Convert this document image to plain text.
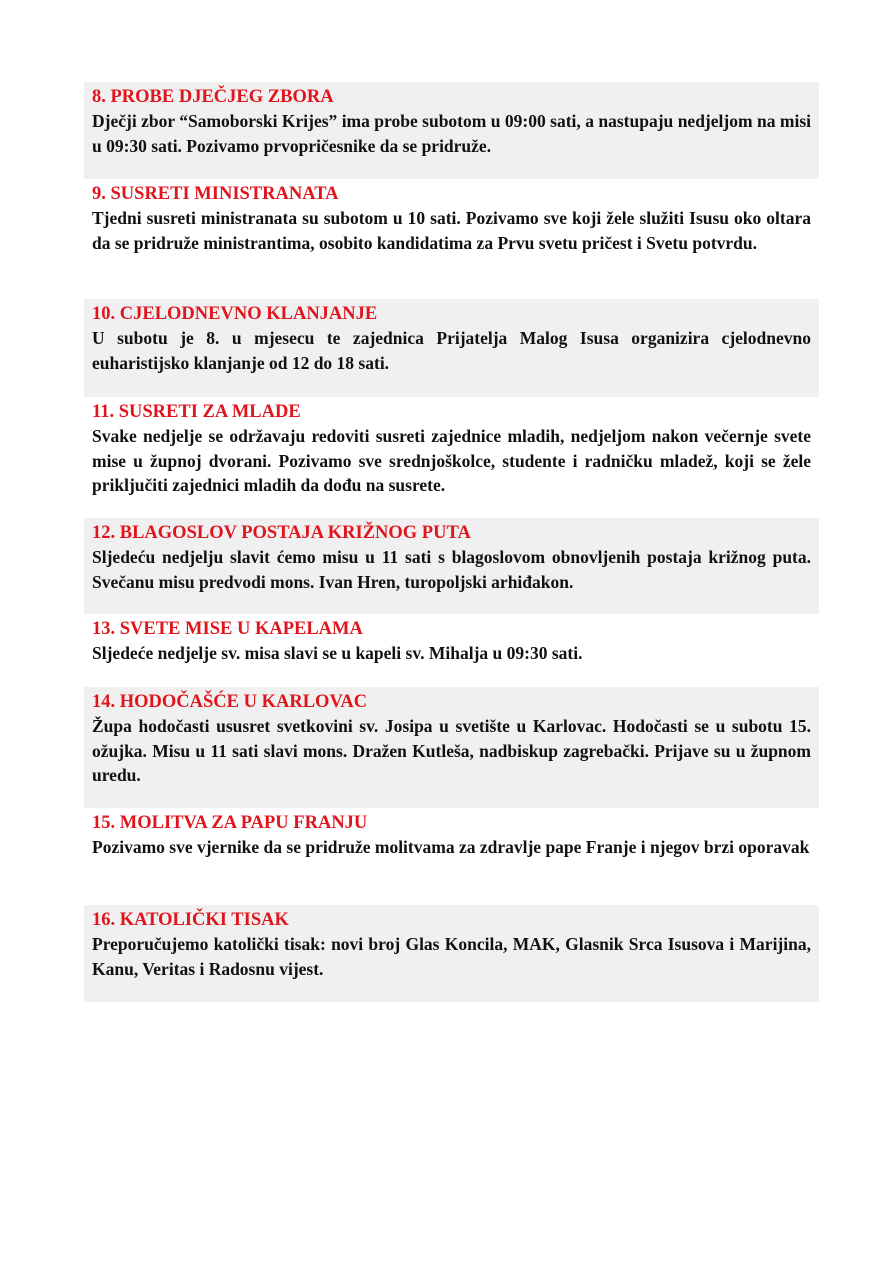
8. PROBE DJEČJEG ZBORA

Dječji zbor “Samoborski Krijes” ima probe subotom u 09:00 sati, a nastupaju nedjeljom na misi u 09:30 sati. Pozivamo prvopričesnike da se pridruže.

9. SUSRETI MINISTRANATA

Tjedni susreti ministranata su subotom u 10 sati. Pozivamo sve koji žele služiti Isusu oko oltara da se pridruže ministrantima, osobito kandidatima za Prvu svetu pričest i Svetu potvrdu.

10. CJELODNEVNO KLANJANJE

U subotu je 8. u mjesecu te zajednica Prijatelja Malog Isusa organizira cjelodnevno euharistijsko klanjanje od 12 do 18 sati.

11. SUSRETI ZA MLADE

Svake nedjelje se održavaju redoviti susreti zajednice mladih, nedjeljom nakon večernje svete mise u župnoj dvorani. Pozivamo sve srednjoškolce, studente i radničku mladež, koji se žele priključiti zajednici mladih da dođu na susrete.

12. BLAGOSLOV POSTAJA KRIŽNOG PUTA

Sljedeću nedjelju slavit ćemo misu u 11 sati s blagoslovom obnovljenih postaja križnog puta. Svečanu misu predvodi mons. Ivan Hren, turopoljski arhiđakon.

13. SVETE MISE U KAPELAMA

Sljedeće nedjelje sv. misa slavi se u kapeli sv. Mihalja u 09:30 sati.

14. HODOČAŠĆE U KARLOVAC

Župa hodočasti ususret svetkovini sv. Josipa u svetište u Karlovac. Hodočasti se u subotu 15. ožujka. Misu u 11 sati slavi mons. Dražen Kutleša, nadbiskup zagrebački. Prijave su u župnom uredu.

15. MOLITVA ZA PAPU FRANJU

Pozivamo sve vjernike da se pridruže molitvama za zdravlje pape Franje i njegov brzi oporavak

16. KATOLIČKI TISAK

Preporučujemo katolički tisak: novi broj Glas Koncila, MAK, Glasnik Srca Isusova i Marijina, Kanu, Veritas i Radosnu vijest.
